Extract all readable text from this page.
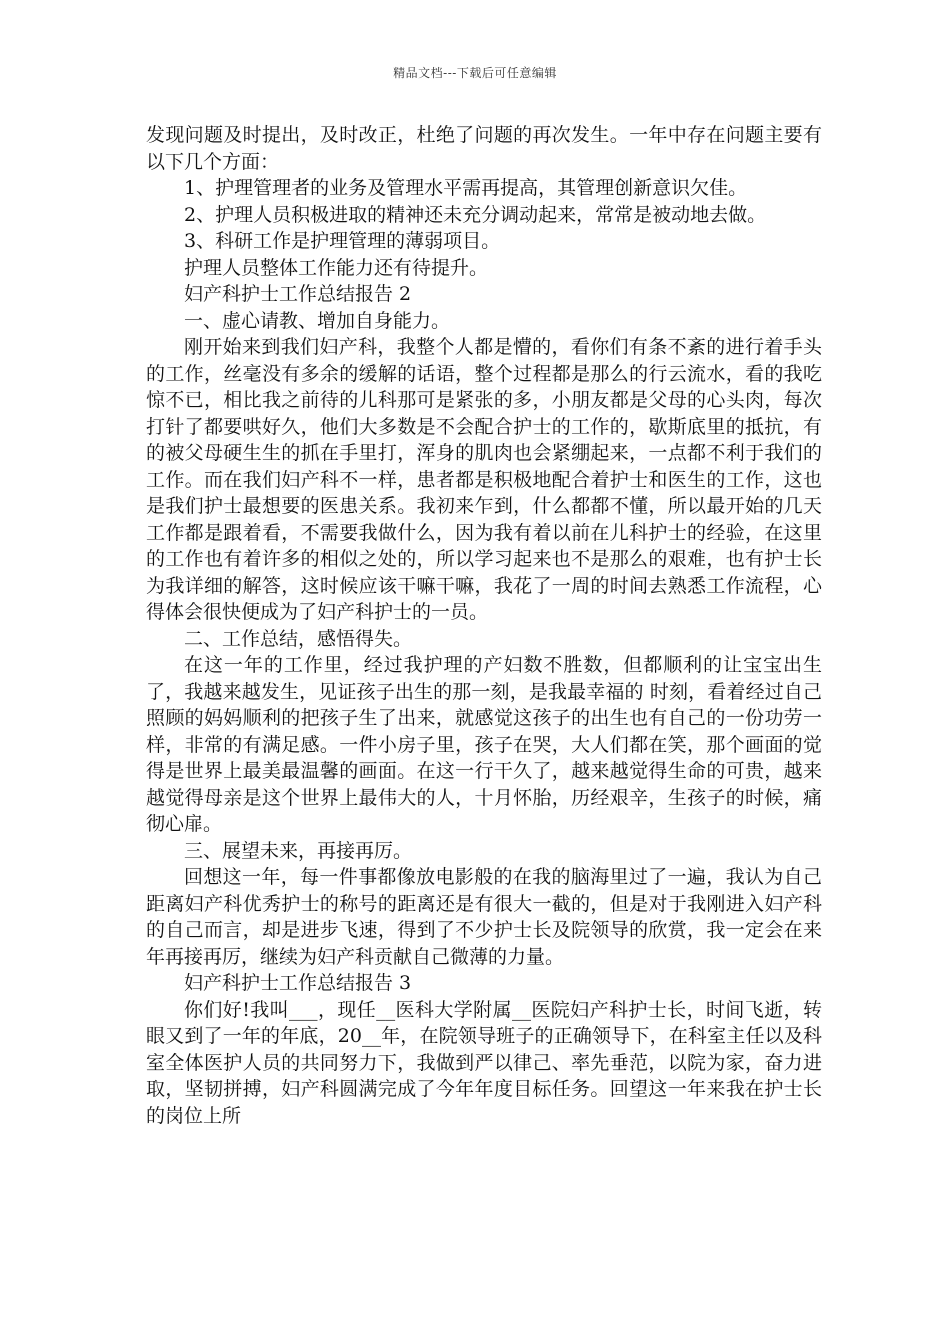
精品文档---下载后可任意编辑

发现问题及时提出，及时改正，杜绝了问题的再次发生。一年中存在问题主要有以下几个方面：

1、护理管理者的业务及管理水平需再提高，其管理创新意识欠佳。

2、护理人员积极进取的精神还未充分调动起来，常常是被动地去做。

3、科研工作是护理管理的薄弱项目。

护理人员整体工作能力还有待提升。

妇产科护士工作总结报告 2

一、虚心请教、增加自身能力。

刚开始来到我们妇产科，我整个人都是懵的，看你们有条不紊的进行着手头的工作，丝毫没有多余的缓解的话语，整个过程都是那么的行云流水，看的我吃惊不已，相比我之前待的儿科那可是紧张的多，小朋友都是父母的心头肉，每次打针了都要哄好久，他们大多数是不会配合护士的工作的，歇斯底里的抵抗，有的被父母硬生生的抓在手里打，浑身的肌肉也会紧绷起来，一点都不利于我们的工作。而在我们妇产科不一样，患者都是积极地配合着护士和医生的工作，这也是我们护士最想要的医患关系。我初来乍到，什么都都不懂，所以最开始的几天工作都是跟着看，不需要我做什么，因为我有着以前在儿科护士的经验，在这里的工作也有着许多的相似之处的，所以学习起来也不是那么的艰难，也有护士长为我详细的解答，这时候应该干嘛干嘛，我花了一周的时间去熟悉工作流程，心得体会很快便成为了妇产科护士的一员。

二、工作总结，感悟得失。

在这一年的工作里，经过我护理的产妇数不胜数，但都顺利的让宝宝出生了，我越来越发生，见证孩子出生的那一刻，是我最幸福的 时刻，看着经过自己照顾的妈妈顺利的把孩子生了出来，就感觉这孩子的出生也有自己的一份功劳一样，非常的有满足感。一件小房子里，孩子在哭，大人们都在笑，那个画面的觉得是世界上最美最温馨的画面。在这一行干久了，越来越觉得生命的可贵，越来越觉得母亲是这个世界上最伟大的人，十月怀胎，历经艰辛，生孩子的时候，痛彻心扉。

三、展望未来，再接再厉。

回想这一年，每一件事都像放电影般的在我的脑海里过了一遍，我认为自己距离妇产科优秀护士的称号的距离还是有很大一截的，但是对于我刚进入妇产科的自己而言，却是进步飞速，得到了不少护士长及院领导的欣赏，我一定会在来年再接再厉，继续为妇产科贡献自己微薄的力量。

妇产科护士工作总结报告 3

你们好!我叫___，现任__医科大学附属__医院妇产科护士长，时间飞逝，转眼又到了一年的年底，20__年，在院领导班子的正确领导下，在科室主任以及科室全体医护人员的共同努力下，我做到严以律己、率先垂范，以院为家，奋力进取，坚韧拼搏，妇产科圆满完成了今年年度目标任务。回望这一年来我在护士长的岗位上所
